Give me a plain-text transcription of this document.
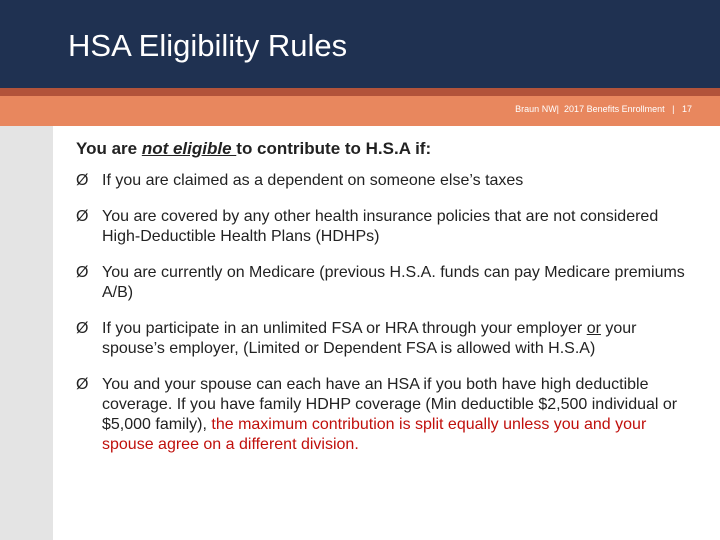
HSA Eligibility Rules
Braun NW| 2017 Benefits Enrollment | 17

You are not eligible to contribute to H.S.A if:

Ø If you are claimed as a dependent on someone else’s taxes
Ø You are covered by any other health insurance policies that are not considered High-Deductible Health Plans (HDHPs)
Ø You are currently on Medicare (previous H.S.A. funds can pay Medicare premiums A/B)
Ø If you participate in an unlimited FSA or HRA through your employer or your spouse’s employer, (Limited or Dependent FSA is allowed with H.S.A)
Ø You and your spouse can each have an HSA if you both have high deductible coverage. If you have family HDHP coverage (Min deductible $2,500 individual or $5,000 family), the maximum contribution is split equally unless you and your spouse agree on a different division.
